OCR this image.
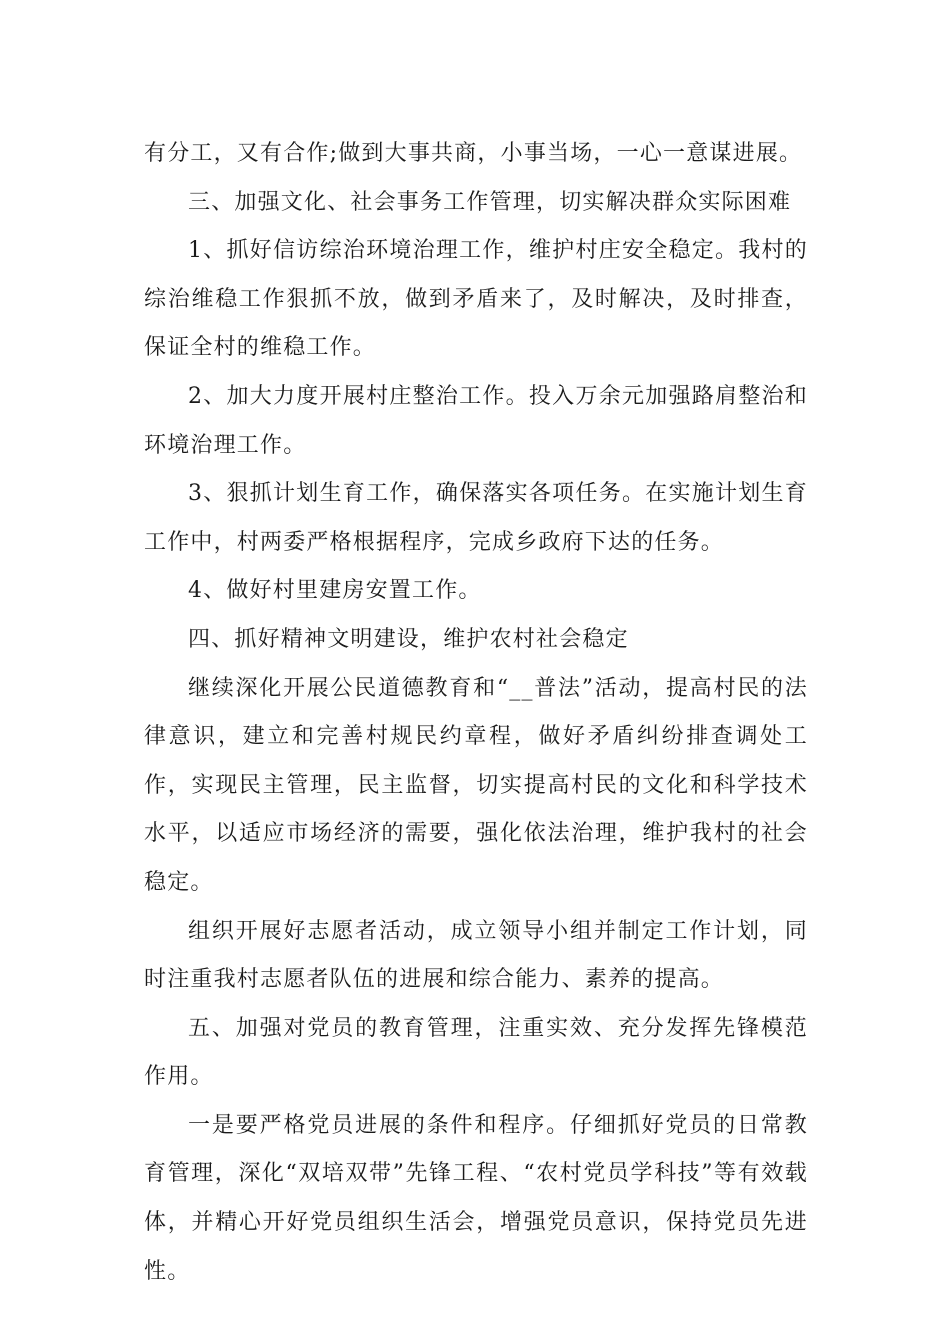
有分工，又有合作;做到大事共商，小事当场，一心一意谋进展。

三、加强文化、社会事务工作管理，切实解决群众实际困难

1、抓好信访综治环境治理工作，维护村庄安全稳定。我村的综治维稳工作狠抓不放，做到矛盾来了，及时解决，及时排查，保证全村的维稳工作。

2、加大力度开展村庄整治工作。投入万余元加强路肩整治和环境治理工作。

3、狠抓计划生育工作，确保落实各项任务。在实施计划生育工作中，村两委严格根据程序，完成乡政府下达的任务。

4、做好村里建房安置工作。

四、抓好精神文明建设，维护农村社会稳定

继续深化开展公民道德教育和“__普法”活动，提高村民的法律意识，建立和完善村规民约章程，做好矛盾纠纷排查调处工作，实现民主管理，民主监督，切实提高村民的文化和科学技术水平，以适应市场经济的需要，强化依法治理，维护我村的社会稳定。

组织开展好志愿者活动，成立领导小组并制定工作计划，同时注重我村志愿者队伍的进展和综合能力、素养的提高。

五、加强对党员的教育管理，注重实效、充分发挥先锋模范作用。

一是要严格党员进展的条件和程序。仔细抓好党员的日常教育管理，深化“双培双带”先锋工程、“农村党员学科技”等有效载体，并精心开好党员组织生活会，增强党员意识，保持党员先进性。
